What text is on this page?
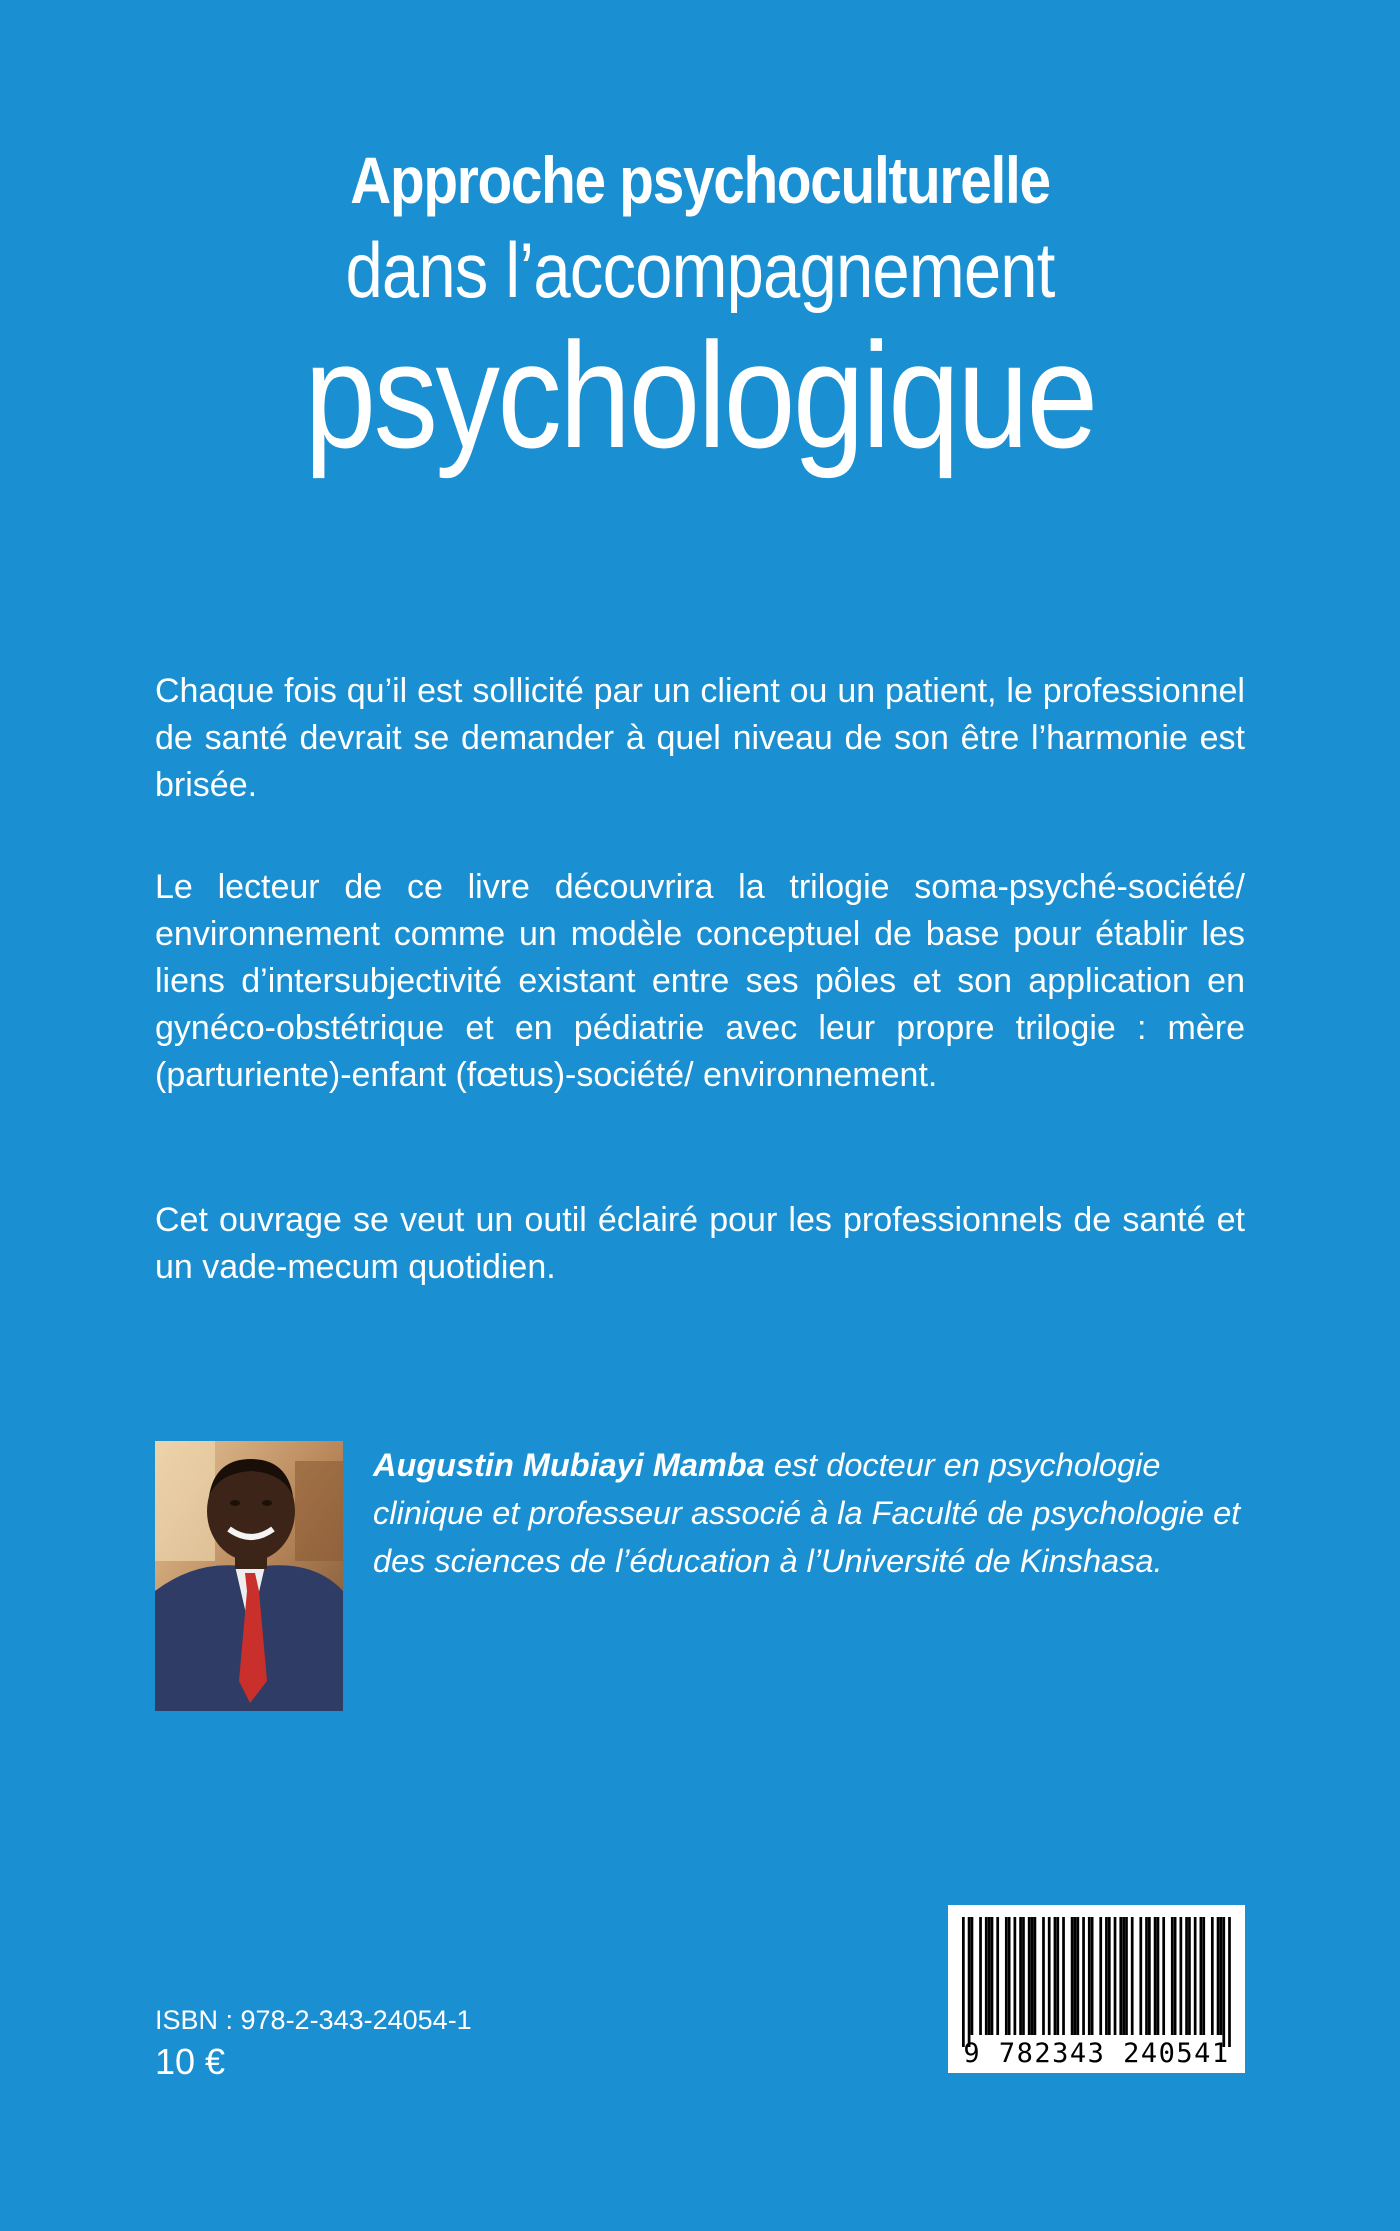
Approche psychoculturelle
dans l’accompagnement
psychologique
Chaque fois qu’il est sollicité par un client ou un patient, le professionnel de santé devrait se demander à quel niveau de son être l’harmonie est brisée.
Le lecteur de ce livre découvrira la trilogie soma-psyché-société/ environnement comme un modèle conceptuel de base pour établir les liens d’intersubjectivité existant entre ses pôles et son application en gynéco-obstétrique et en pédiatrie avec leur propre trilogie : mère (parturiente)-enfant (fœtus)-société/ environnement.
Cet ouvrage se veut un outil éclairé pour les professionnels de santé et un vade-mecum quotidien.
Augustin Mubiayi Mamba est docteur en psychologie clinique et professeur associé à la Faculté de psychologie et des sciences de l’éducation à l’Université de Kinshasa.
9 782343 240541
ISBN : 978-2-343-24054-1
10 €
